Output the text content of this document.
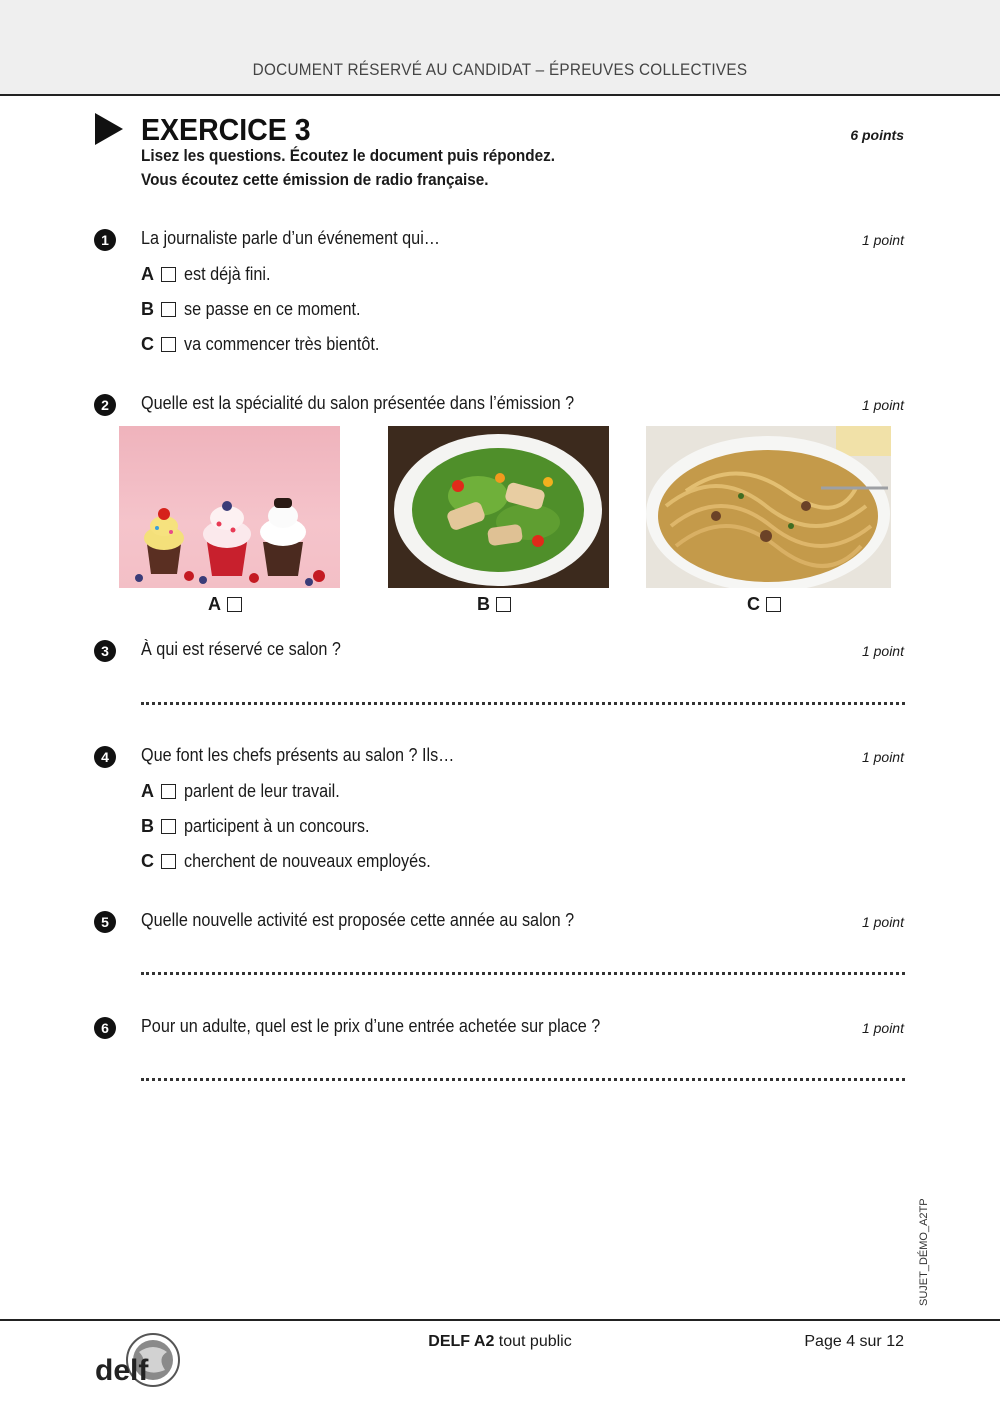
DOCUMENT RÉSERVÉ AU CANDIDAT – ÉPREUVES COLLECTIVES
EXERCICE 3	6 points
Lisez les questions. Écoutez le document puis répondez.
Vous écoutez cette émission de radio française.
1	La journaliste parle d’un événement qui…	1 point
A est déjà fini.
B se passe en ce moment.
C va commencer très bientôt.
2	Quelle est la spécialité du salon présentée dans l’émission ?	1 point
A	B	C
3	À qui est réservé ce salon ?	1 point
4	Que font les chefs présents au salon ? Ils…	1 point
A parlent de leur travail.
B participent à un concours.
C cherchent de nouveaux employés.
5	Quelle nouvelle activité est proposée cette année au salon ?	1 point
6	Pour un adulte, quel est le prix d’une entrée achetée sur place ?	1 point
SUJET_DÉMO_A2TP
delf
DELF A2 tout public	Page 4 sur 12
